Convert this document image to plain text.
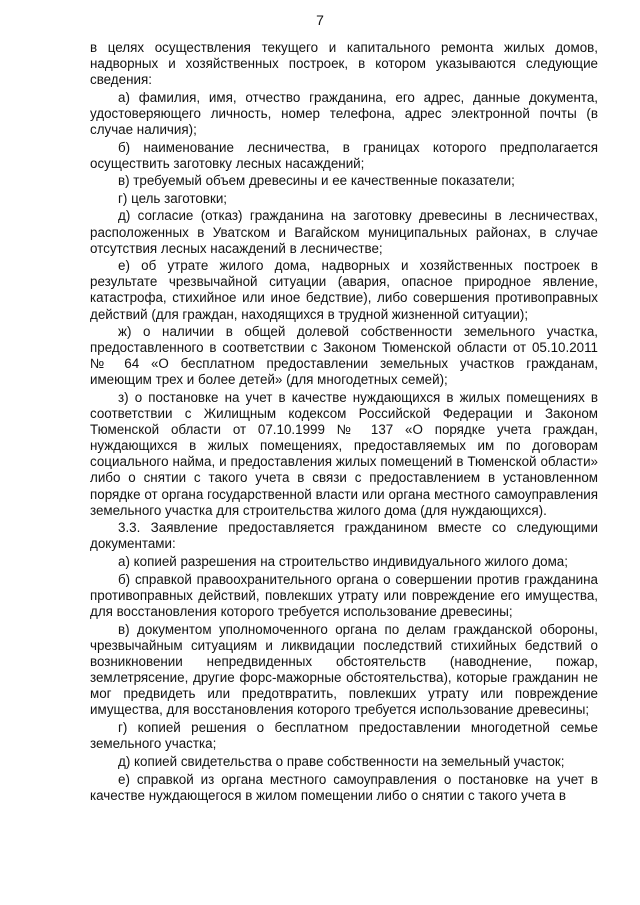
7

в целях осуществления текущего и капитального ремонта жилых домов, надворных и хозяйственных построек, в котором указываются следующие сведения:

а) фамилия, имя, отчество гражданина, его адрес, данные документа, удостоверяющего личность, номер телефона, адрес электронной почты (в случае наличия);

б) наименование лесничества, в границах которого предполагается осуществить заготовку лесных насаждений;

в) требуемый объем древесины и ее качественные показатели;

г) цель заготовки;

д) согласие (отказ) гражданина на заготовку древесины в лесничествах, расположенных в Уватском и Вагайском муниципальных районах, в случае отсутствия лесных насаждений в лесничестве;

е) об утрате жилого дома, надворных и хозяйственных построек в результате чрезвычайной ситуации (авария, опасное природное явление, катастрофа, стихийное или иное бедствие), либо совершения противоправных действий (для граждан, находящихся в трудной жизненной ситуации);

ж) о наличии в общей долевой собственности земельного участка, предоставленного в соответствии с Законом Тюменской области от 05.10.2011 № 64 «О бесплатном предоставлении земельных участков гражданам, имеющим трех и более детей» (для многодетных семей);

з) о постановке на учет в качестве нуждающихся в жилых помещениях в соответствии с Жилищным кодексом Российской Федерации и Законом Тюменской области от 07.10.1999 № 137 «О порядке учета граждан, нуждающихся в жилых помещениях, предоставляемых им по договорам социального найма, и предоставления жилых помещений в Тюменской области» либо о снятии с такого учета в связи с предоставлением в установленном порядке от органа государственной власти или органа местного самоуправления земельного участка для строительства жилого дома (для нуждающихся).

3.3. Заявление предоставляется гражданином вместе со следующими документами:

а) копией разрешения на строительство индивидуального жилого дома;

б) справкой правоохранительного органа о совершении против гражданина противоправных действий, повлекших утрату или повреждение его имущества, для восстановления которого требуется использование древесины;

в) документом уполномоченного органа по делам гражданской обороны, чрезвычайным ситуациям и ликвидации последствий стихийных бедствий о возникновении непредвиденных обстоятельств (наводнение, пожар, землетрясение, другие форс-мажорные обстоятельства), которые гражданин не мог предвидеть или предотвратить, повлекших утрату или повреждение имущества, для восстановления которого требуется использование древесины;

г) копией решения о бесплатном предоставлении многодетной семье земельного участка;

д) копией свидетельства о праве собственности на земельный участок;

е) справкой из органа местного самоуправления о постановке на учет в качестве нуждающегося в жилом помещении либо о снятии с такого учета в
